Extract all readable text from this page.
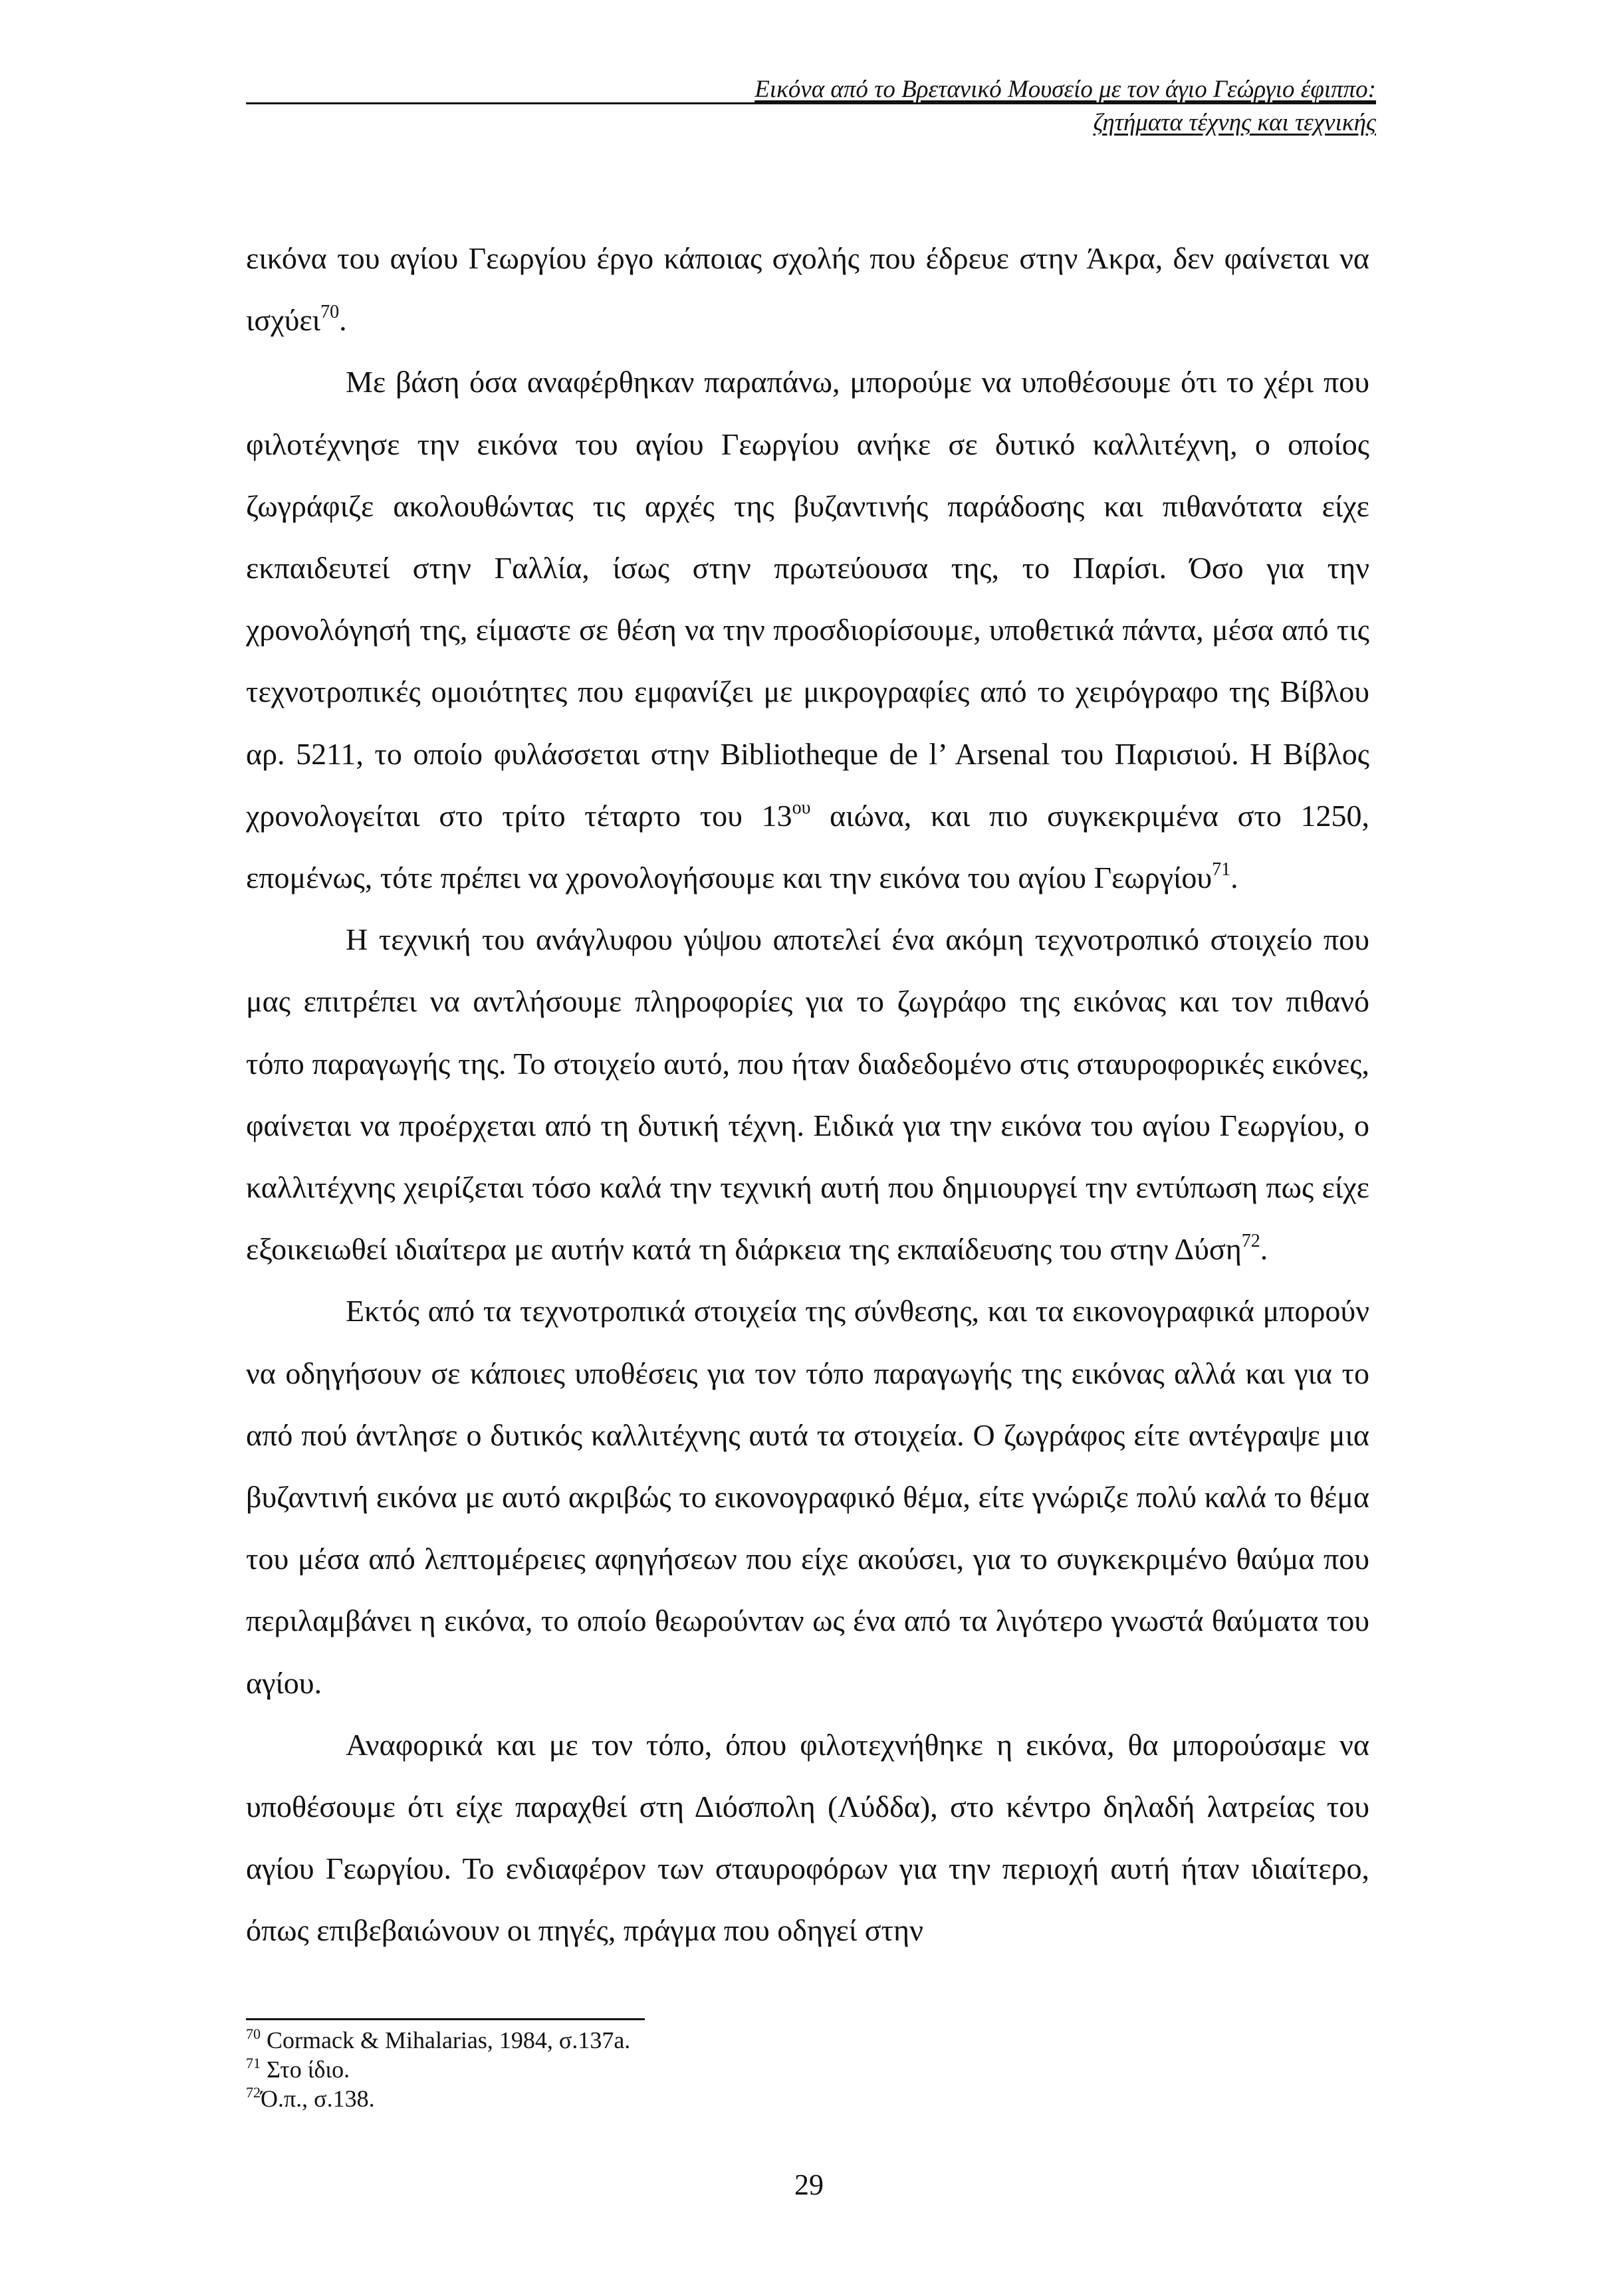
Εικόνα από το Βρετανικό Μουσείο με τον άγιο Γεώργιο έφιππο:
ζητήματα τέχνης και τεχνικής

εικόνα του αγίου Γεωργίου έργο κάποιας σχολής που έδρευε στην Άκρα, δεν φαίνεται να ισχύει$^{70}$.

Με βάση όσα αναφέρθηκαν παραπάνω, μπορούμε να υποθέσουμε ότι το χέρι που φιλοτέχνησε την εικόνα του αγίου Γεωργίου ανήκε σε δυτικό καλλιτέχνη, ο οποίος ζωγράφιζε ακολουθώντας τις αρχές της βυζαντινής παράδοσης και πιθανότατα είχε εκπαιδευτεί στην Γαλλία, ίσως στην πρωτεύουσα της, το Παρίσι. Όσο για την χρονολόγησή της, είμαστε σε θέση να την προσδιορίσουμε, υποθετικά πάντα, μέσα από τις τεχνοτροπικές ομοιότητες που εμφανίζει με μικρογραφίες από το χειρόγραφο της Βίβλου αρ. 5211, το οποίο φυλάσσεται στην Bibliotheque de l’ Arsenal του Παρισιού. Η Βίβλος χρονολογείται στο τρίτο τέταρτο του $13^{o\upsilon}$ αιώνα, και πιο συγκεκριμένα στο 1250, επομένως, τότε πρέπει να χρονολογήσουμε και την εικόνα του αγίου Γεωργίου$^{71}$.

Η τεχνική του ανάγλυφου γύψου αποτελεί ένα ακόμη τεχνοτροπικό στοιχείο που μας επιτρέπει να αντλήσουμε πληροφορίες για το ζωγράφο της εικόνας και τον πιθανό τόπο παραγωγής της. Το στοιχείο αυτό, που ήταν διαδεδομένο στις σταυροφορικές εικόνες, φαίνεται να προέρχεται από τη δυτική τέχνη. Ειδικά για την εικόνα του αγίου Γεωργίου, ο καλλιτέχνης χειρίζεται τόσο καλά την τεχνική αυτή που δημιουργεί την εντύπωση πως είχε εξοικειωθεί ιδιαίτερα με αυτήν κατά τη διάρκεια της εκπαίδευσης του στην Δύση$^{72}$.

Εκτός από τα τεχνοτροπικά στοιχεία της σύνθεσης, και τα εικονογραφικά μπορούν να οδηγήσουν σε κάποιες υποθέσεις για τον τόπο παραγωγής της εικόνας αλλά και για το από πού άντλησε ο δυτικός καλλιτέχνης αυτά τα στοιχεία. Ο ζωγράφος είτε αντέγραψε μια βυζαντινή εικόνα με αυτό ακριβώς το εικονογραφικό θέμα, είτε γνώριζε πολύ καλά το θέμα του μέσα από λεπτομέρειες αφηγήσεων που είχε ακούσει, για το συγκεκριμένο θαύμα που περιλαμβάνει η εικόνα, το οποίο θεωρούνταν ως ένα από τα λιγότερο γνωστά θαύματα του αγίου.

Αναφορικά και με τον τόπο, όπου φιλοτεχνήθηκε η εικόνα, θα μπορούσαμε να υποθέσουμε ότι είχε παραχθεί στη Διόσπολη (Λύδδα), στο κέντρο δηλαδή λατρείας του αγίου Γεωργίου. Το ενδιαφέρον των σταυροφόρων για την περιοχή αυτή ήταν ιδιαίτερο, όπως επιβεβαιώνουν οι πηγές, πράγμα που οδηγεί στην

$^{70}$ Cormack & Mihalarias, 1984, σ.137a.

$^{71}$ Στο ίδιο.

$^{72}$Ό.π., σ.138.

29
